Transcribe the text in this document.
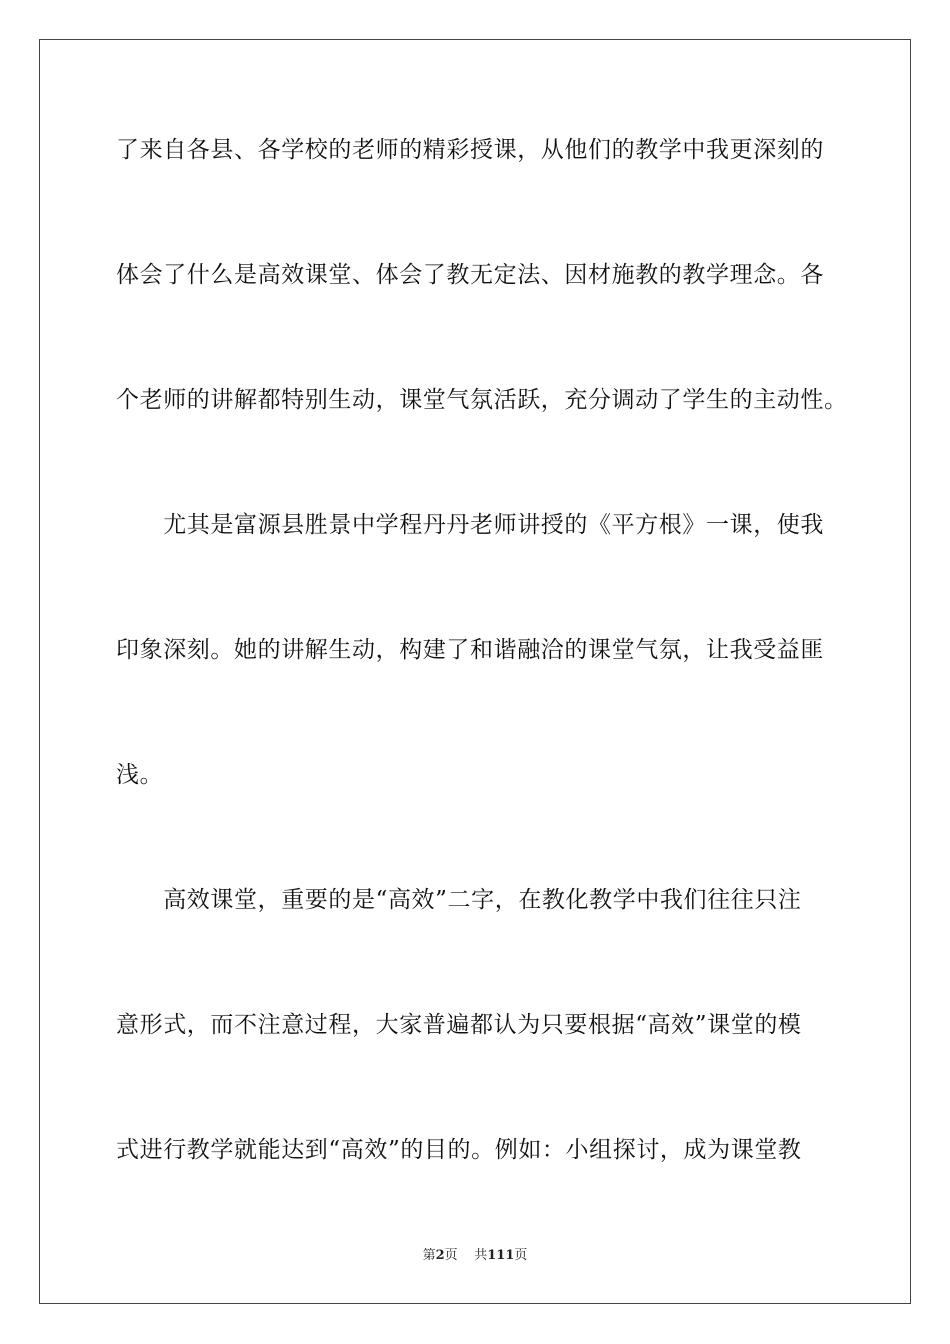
了来自各县、各学校的老师的精彩授课，从他们的教学中我更深刻的
体会了什么是高效课堂、体会了教无定法、因材施教的教学理念。各
个老师的讲解都特别生动，课堂气氛活跃，充分调动了学生的主动性。
　　尤其是富源县胜景中学程丹丹老师讲授的《平方根》一课，使我
印象深刻。她的讲解生动，构建了和谐融洽的课堂气氛，让我受益匪
浅。
　　高效课堂，重要的是“高效”二字，在教化教学中我们往往只注
意形式，而不注意过程，大家普遍都认为只要根据“高效”课堂的模
式进行教学就能达到“高效”的目的。例如：小组探讨，成为课堂教
第2页 共111页
